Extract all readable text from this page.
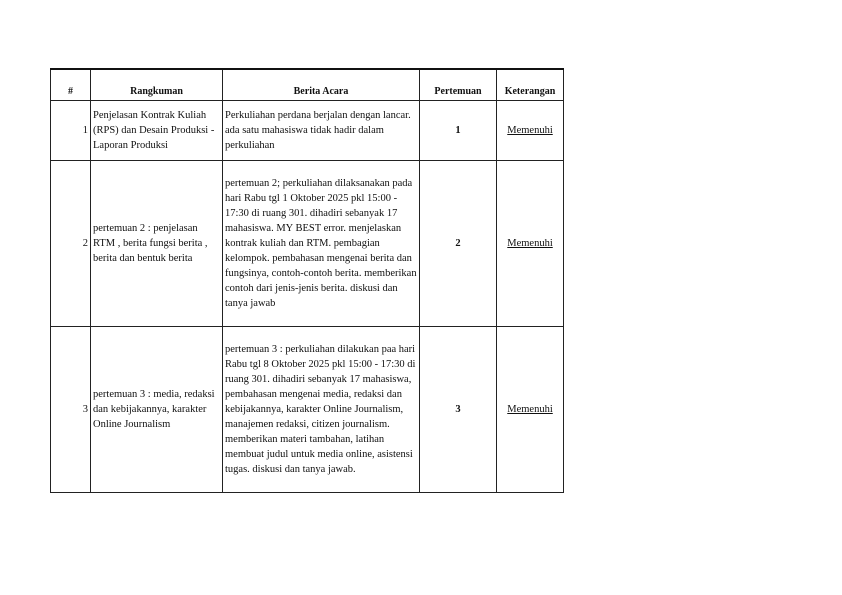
#	Rangkuman	Berita Acara	Pertemuan	Keterangan
1	Penjelasan Kontrak Kuliah (RPS) dan Desain Produksi -Laporan Produksi	Perkuliahan perdana berjalan dengan lancar. ada satu mahasiswa tidak hadir dalam perkuliahan	1	Memenuhi
2	pertemuan 2 : penjelasan RTM , berita fungsi berita , berita dan bentuk berita	pertemuan 2; perkuliahan dilaksanakan pada hari Rabu tgl 1 Oktober 2025 pkl 15:00 - 17:30 di ruang 301. dihadiri sebanyak 17 mahasiswa. MY BEST error. menjelaskan kontrak kuliah dan RTM. pembagian kelompok. pembahasan mengenai berita dan fungsinya, contoh-contoh berita. memberikan contoh dari jenis-jenis berita. diskusi dan tanya jawab	2	Memenuhi
3	pertemuan 3 : media, redaksi dan kebijakannya, karakter Online Journalism	pertemuan 3 : perkuliahan dilakukan paa hari Rabu tgl 8 Oktober 2025 pkl 15:00 - 17:30 di ruang 301. dihadiri sebanyak 17 mahasiswa, pembahasan mengenai media, redaksi dan kebijakannya, karakter Online Journalism, manajemen redaksi, citizen journalism. memberikan materi tambahan, latihan membuat judul untuk media online, asistensi tugas. diskusi dan tanya jawab.	3	Memenuhi
